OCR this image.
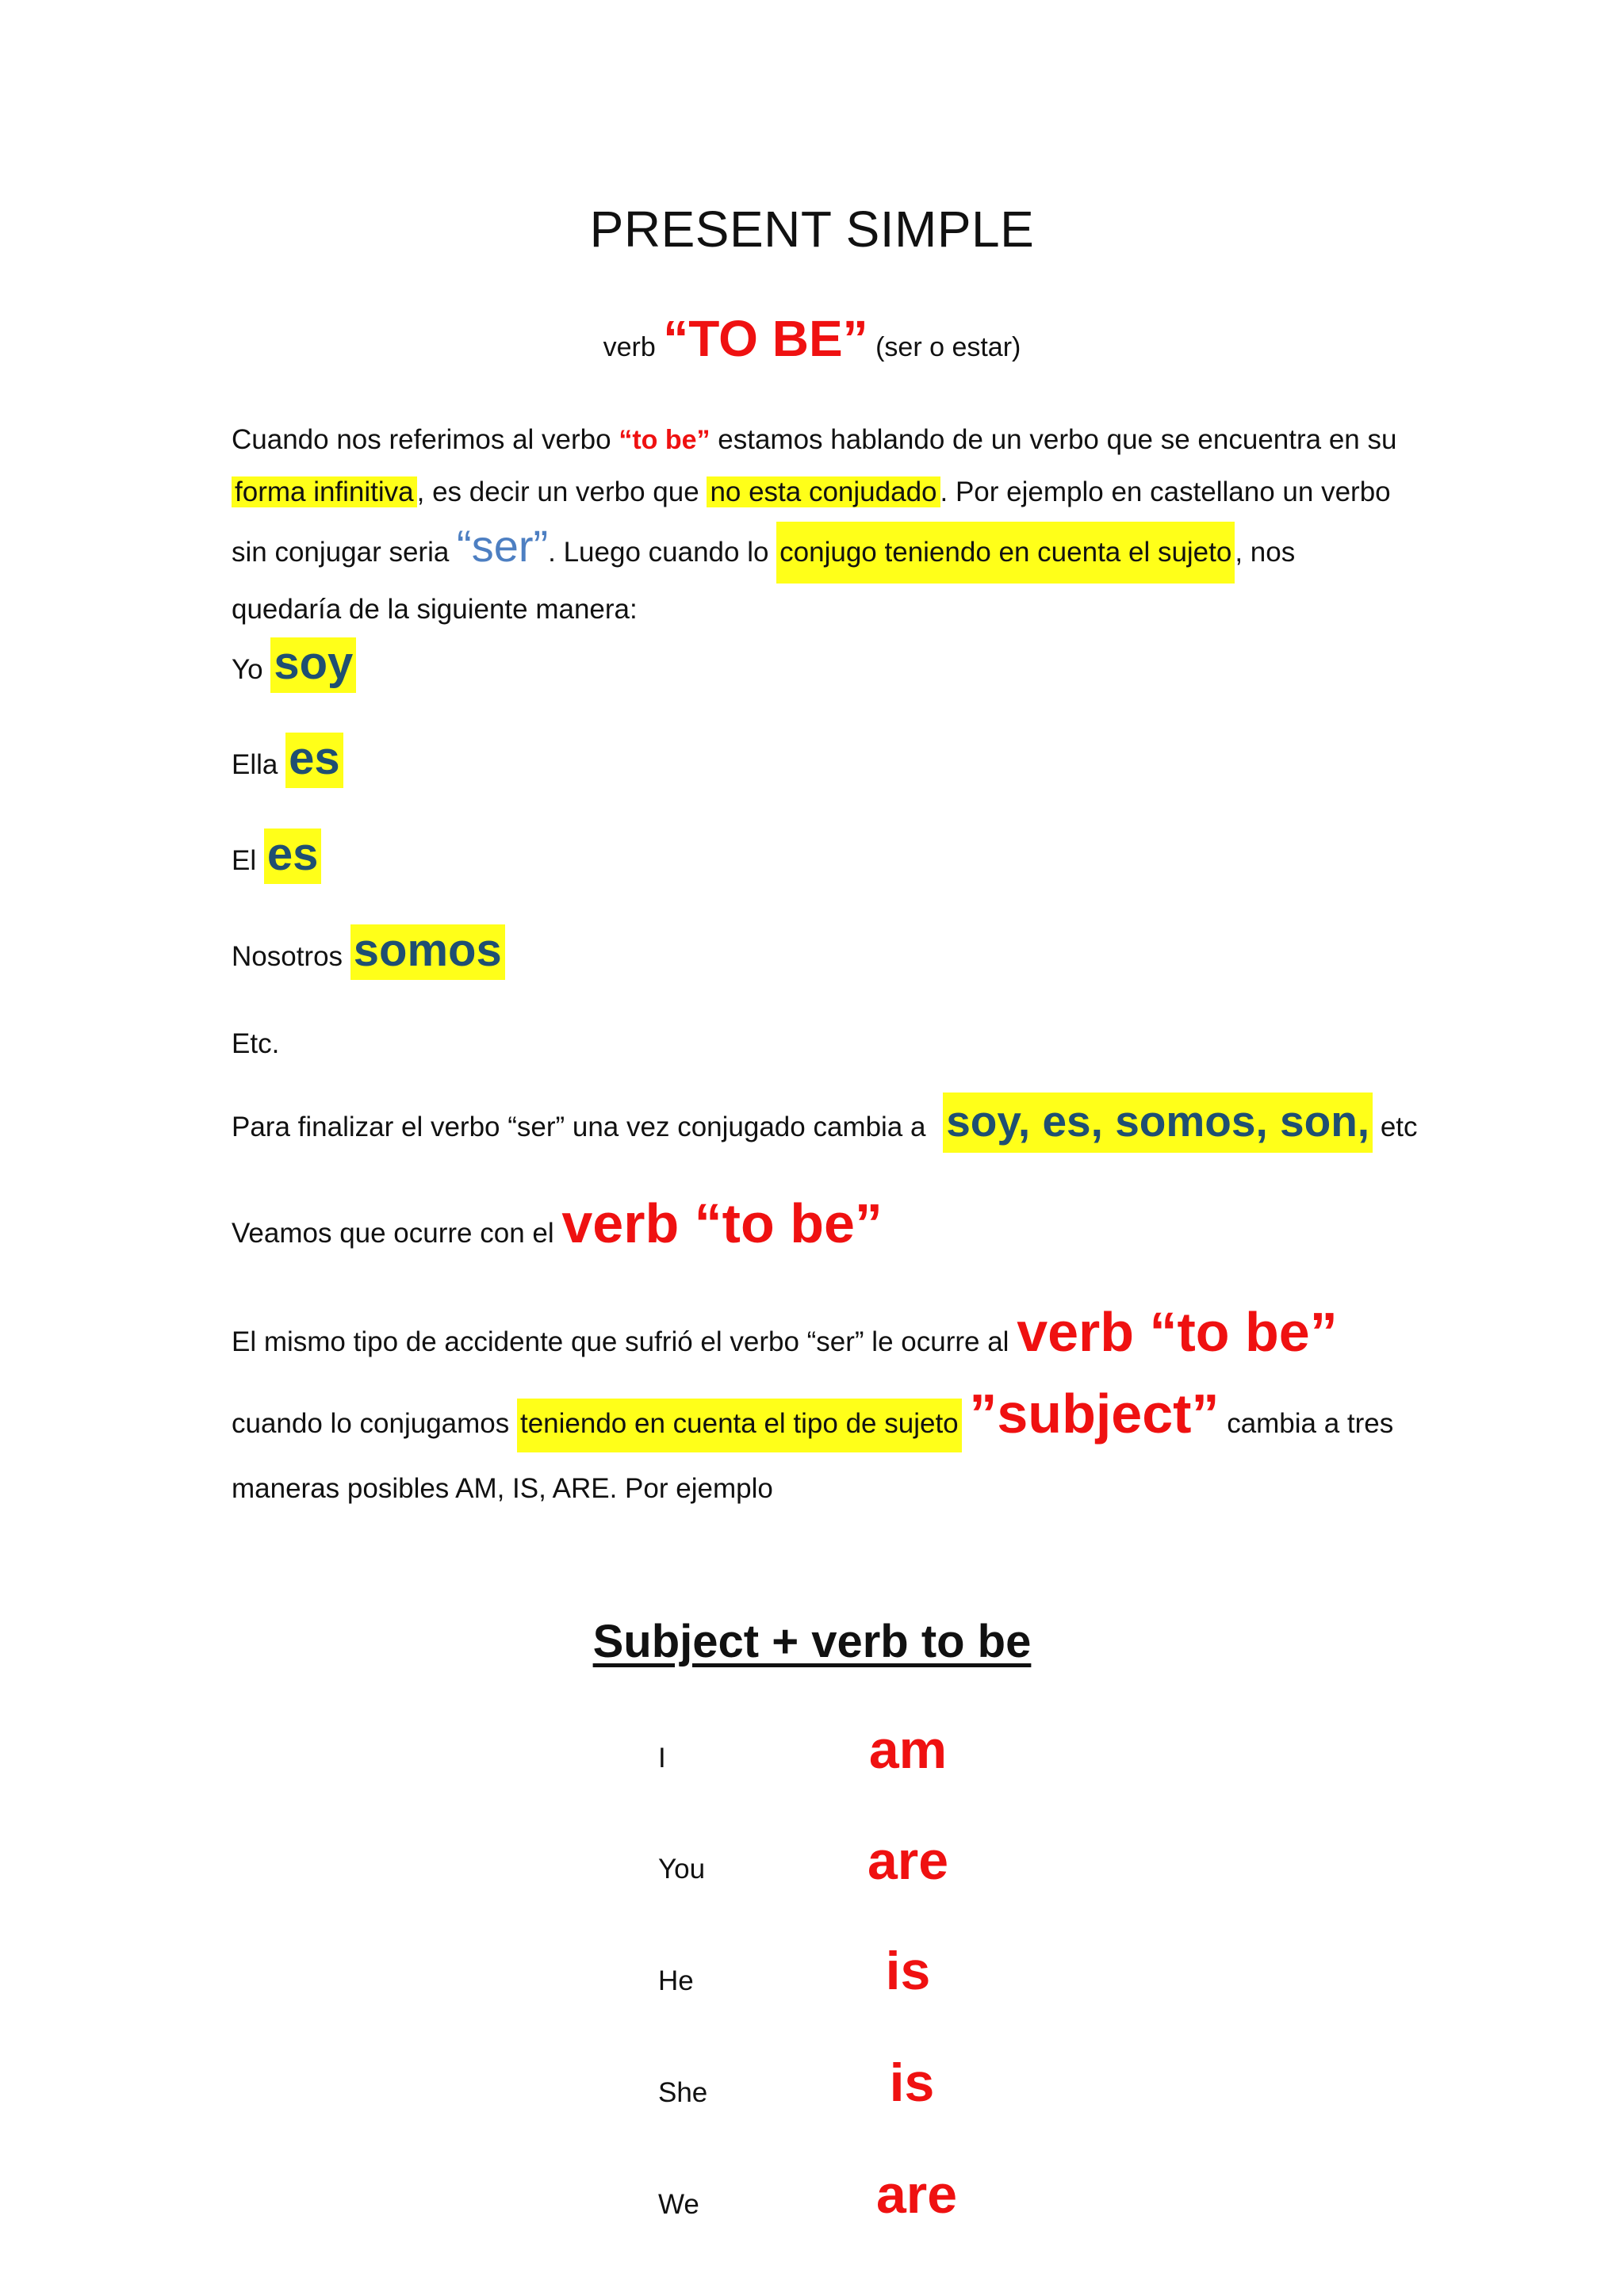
PRESENT SIMPLE
verb “TO BE” (ser o estar)
Cuando nos referimos al verbo “to be” estamos hablando de un verbo que se encuentra en su
forma infinitiva , es decir un verbo que no esta conjudado . Por ejemplo en castellano un verbo
sin conjugar seria “ser”. Luego cuando lo conjugo teniendo en cuenta el sujeto , nos
quedaría de la siguiente manera:
Yo soy
Ella es
El es
Nosotros somos
Etc.
Para finalizar el verbo “ser” una vez conjugado cambia a soy, es, somos, son, etc
Veamos que ocurre con el verb “to be”
El mismo tipo de accidente que sufrió el verbo “ser” le ocurre al verb “to be”
cuando lo conjugamos teniendo en cuenta el tipo de sujeto ”subject” cambia a tres
maneras posibles AM, IS, ARE. Por ejemplo
Subject + verb to be
I	am
You	are
He	is
She	is
We	are
